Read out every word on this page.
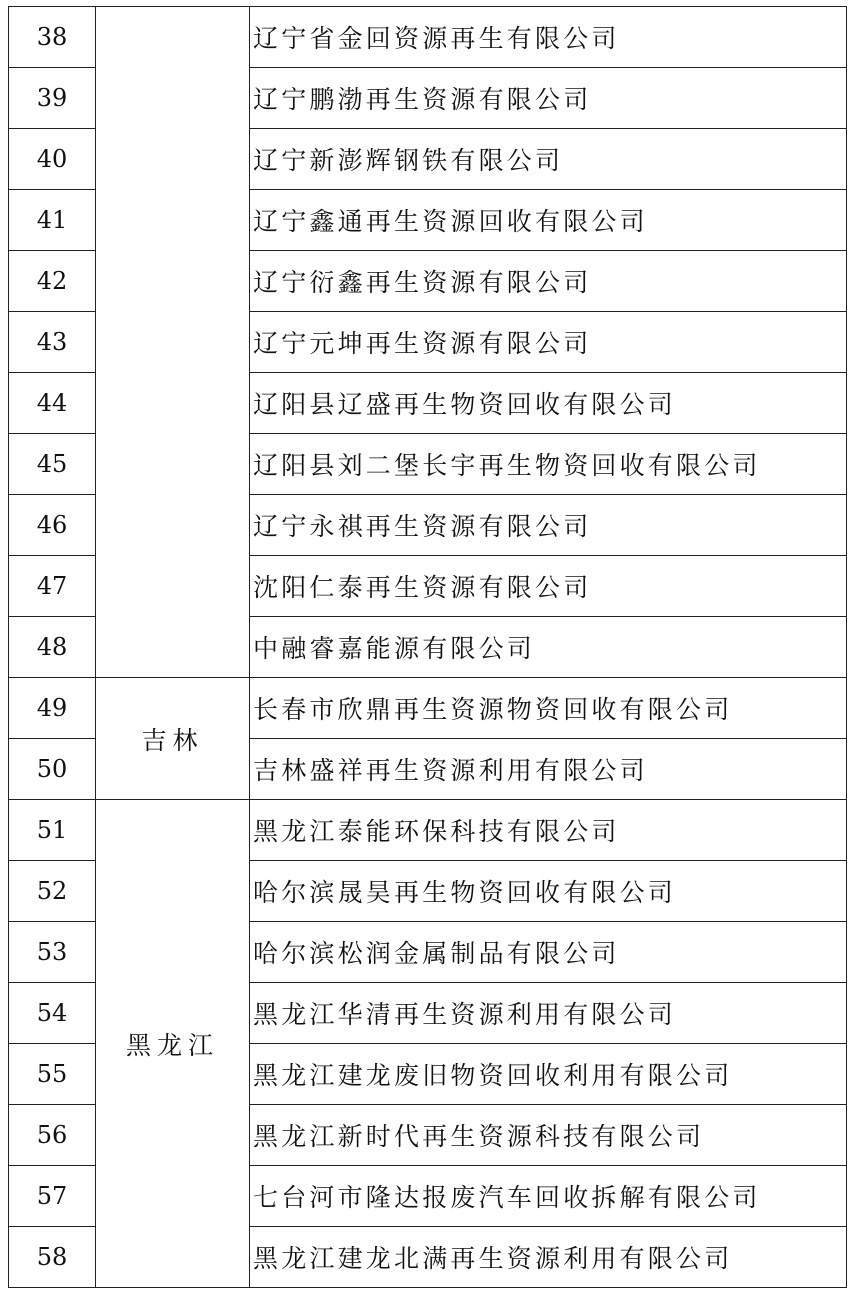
38		辽宁省金回资源再生有限公司
39		辽宁鹏渤再生资源有限公司
40		辽宁新澎辉钢铁有限公司
41		辽宁鑫通再生资源回收有限公司
42		辽宁衍鑫再生资源有限公司
43		辽宁元坤再生资源有限公司
44		辽阳县辽盛再生物资回收有限公司
45		辽阳县刘二堡长宇再生物资回收有限公司
46		辽宁永祺再生资源有限公司
47		沈阳仁泰再生资源有限公司
48		中融睿嘉能源有限公司
49	吉林	长春市欣鼎再生资源物资回收有限公司
50		吉林盛祥再生资源利用有限公司
51	黑龙江	黑龙江泰能环保科技有限公司
52		哈尔滨晟昊再生物资回收有限公司
53		哈尔滨松润金属制品有限公司
54		黑龙江华清再生资源利用有限公司
55		黑龙江建龙废旧物资回收利用有限公司
56		黑龙江新时代再生资源科技有限公司
57		七台河市隆达报废汽车回收拆解有限公司
58		黑龙江建龙北满再生资源利用有限公司
